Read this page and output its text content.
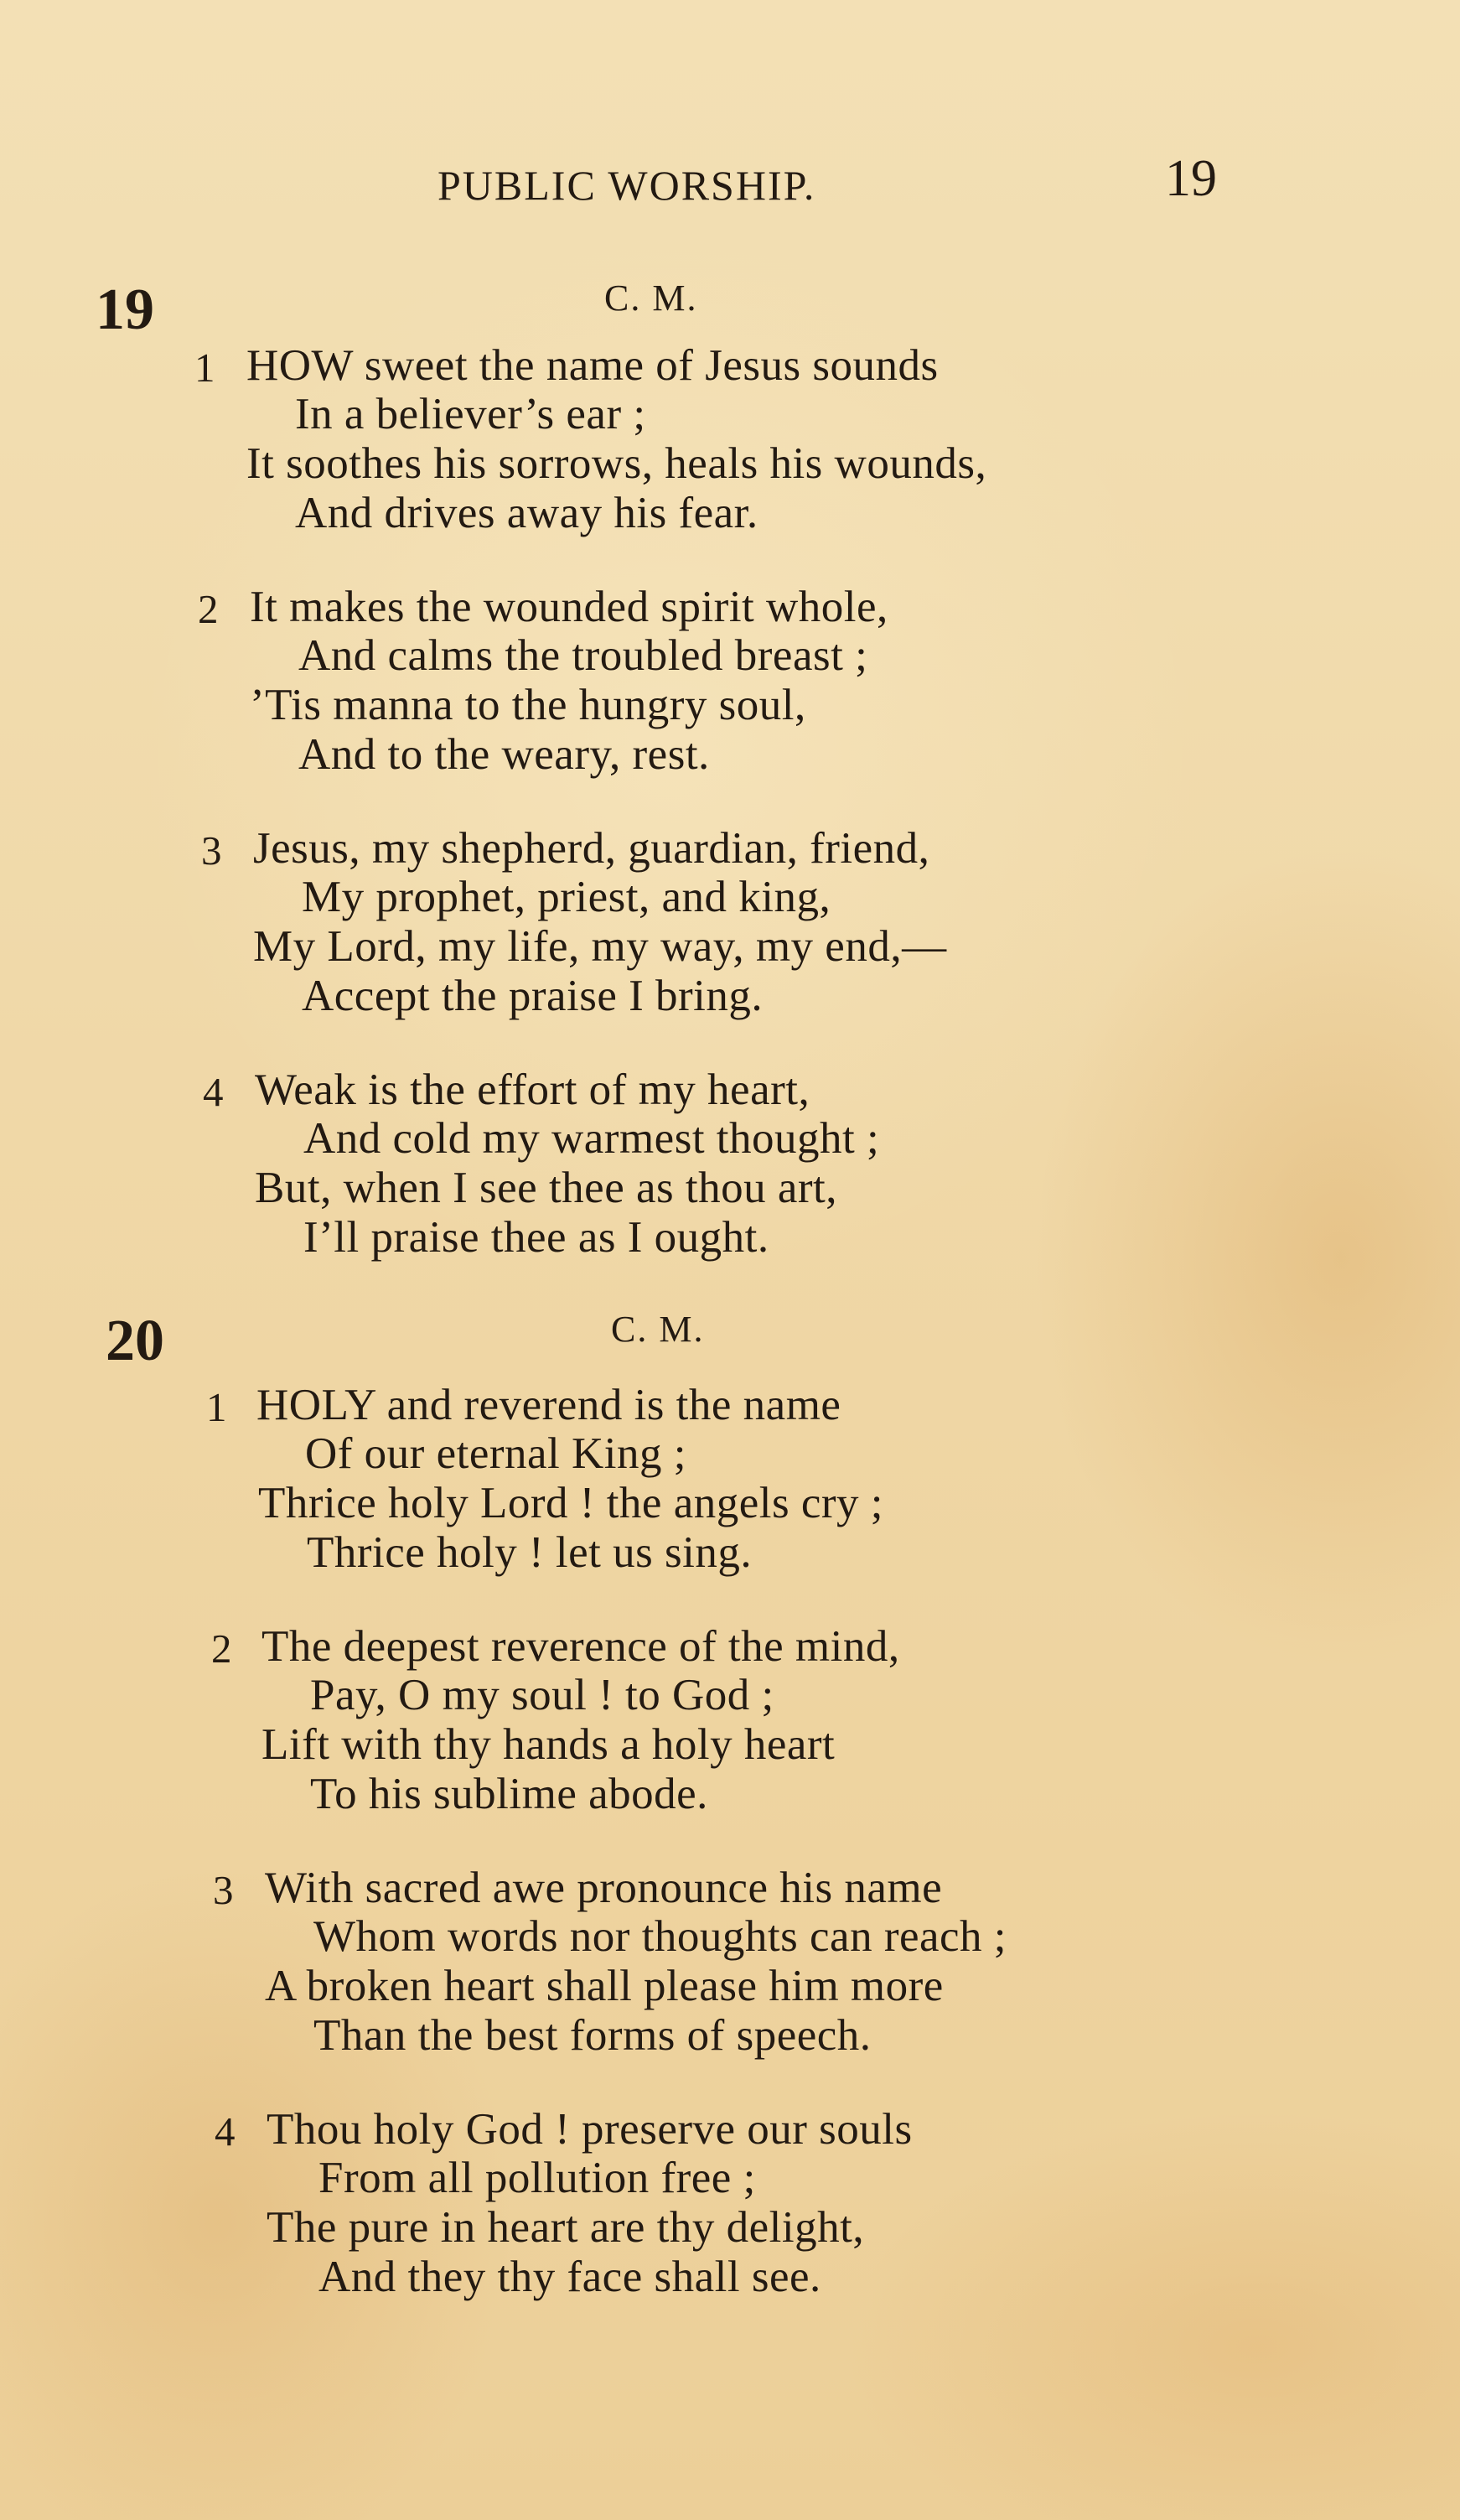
PUBLIC WORSHIP.	19
19	C. M.
1 HOW sweet the name of Jesus sounds
In a believer’s ear ;
It soothes his sorrows, heals his wounds,
And drives away his fear.
2 It makes the wounded spirit whole,
And calms the troubled breast ;
’Tis manna to the hungry soul,
And to the weary, rest.
3 Jesus, my shepherd, guardian, friend,
My prophet, priest, and king,
My Lord, my life, my way, my end,—
Accept the praise I bring.
4 Weak is the effort of my heart,
And cold my warmest thought ;
But, when I see thee as thou art,
I’ll praise thee as I ought.
20	C. M.
1 HOLY and reverend is the name
Of our eternal King ;
Thrice holy Lord ! the angels cry ;
Thrice holy ! let us sing.
2 The deepest reverence of the mind,
Pay, O my soul ! to God ;
Lift with thy hands a holy heart
To his sublime abode.
3 With sacred awe pronounce his name
Whom words nor thoughts can reach ;
A broken heart shall please him more
Than the best forms of speech.
4 Thou holy God ! preserve our souls
From all pollution free ;
The pure in heart are thy delight,
And they thy face shall see.
